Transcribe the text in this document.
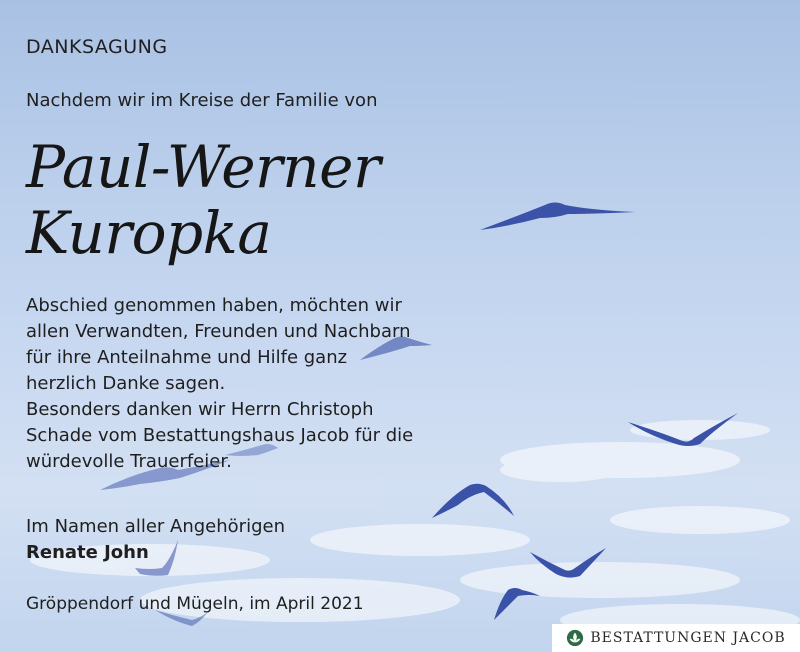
DANKSAGUNG
Nachdem wir im Kreise der Familie von
Paul-Werner
Kuropka
Abschied genommen haben, möchten wir
allen Verwandten, Freunden und Nachbarn
für ihre Anteilnahme und Hilfe ganz
herzlich Danke sagen.
Besonders danken wir Herrn Christoph
Schade vom Bestattungshaus Jacob für die
würdevolle Trauerfeier.
Im Namen aller Angehörigen
Renate John
Gröppendorf und Mügeln, im April 2021
BESTATTUNGEN JACOB
